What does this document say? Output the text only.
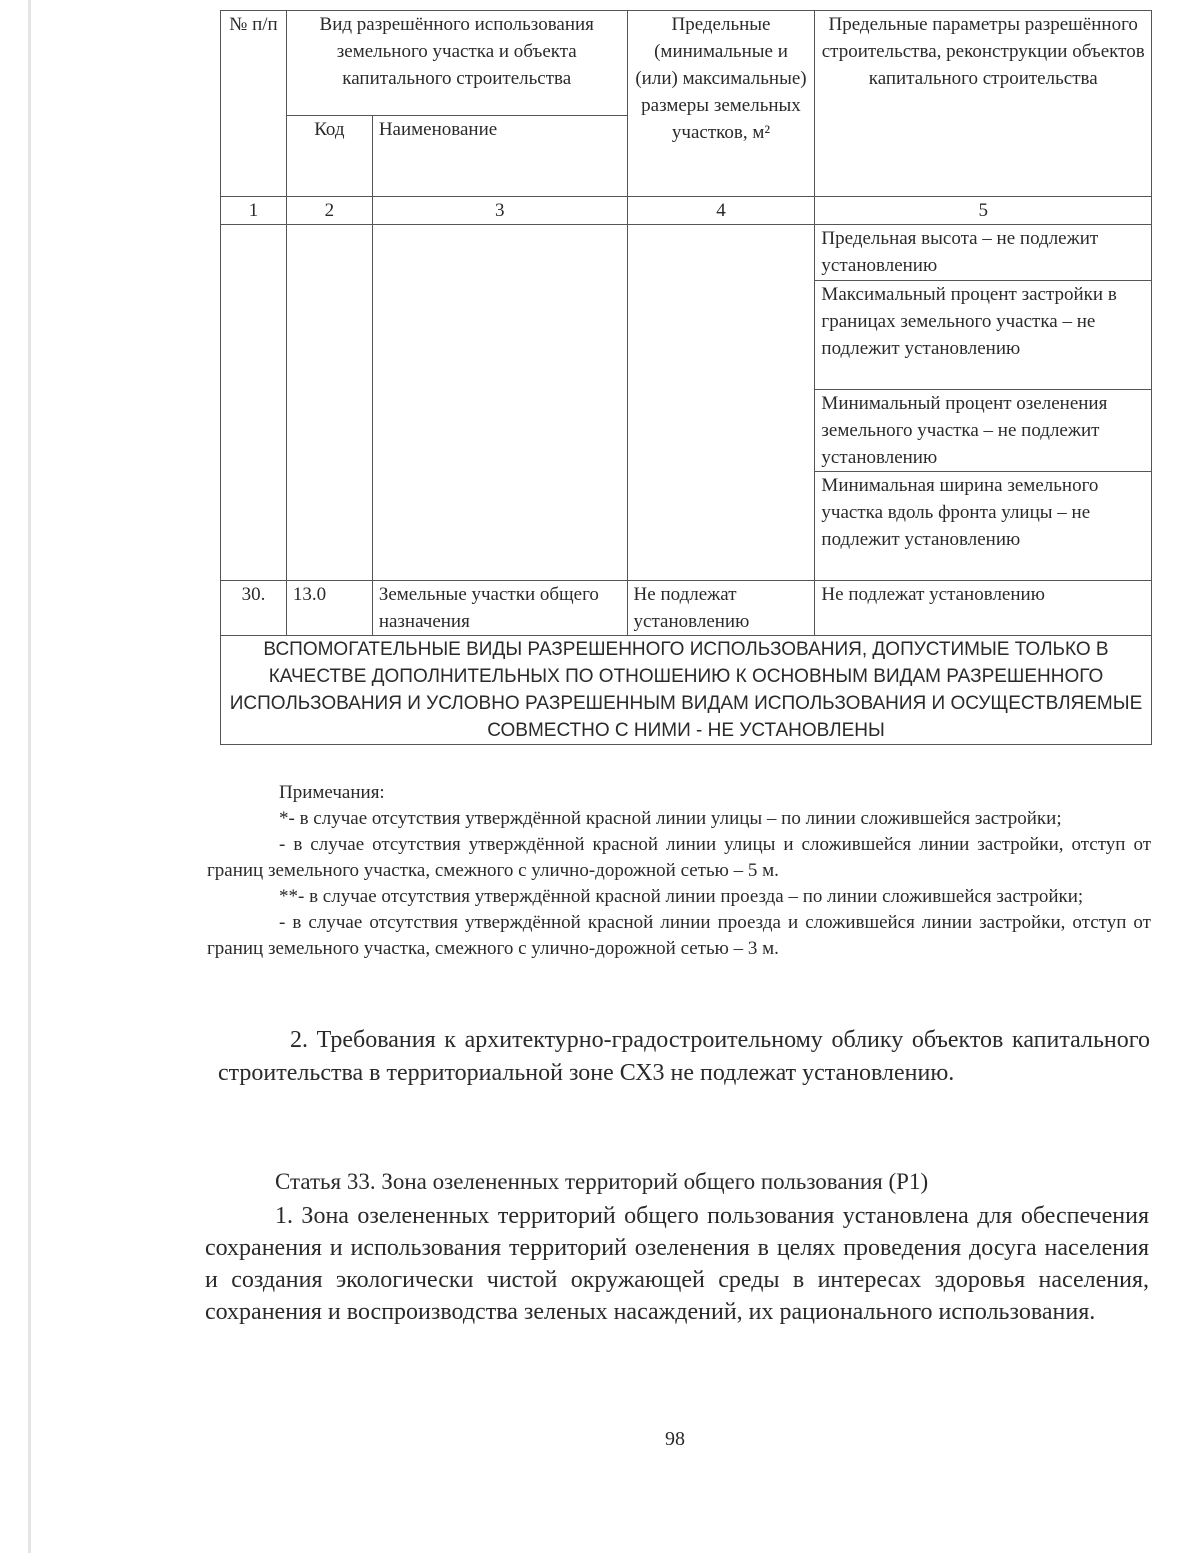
№ п/п	Вид разрешённого использования земельного участка и объекта капитального строительства		Предельные (минимальные и (или) максимальные) размеры земельных участков, м²	Предельные параметры разрешённого строительства, реконструкции объектов капитального строительства
	Код	Наименование		
1	2	3	4	5
				Предельная высота – не подлежит установлению
				Максимальный процент застройки в границах земельного участка – не подлежит установлению
				Минимальный процент озеленения земельного участка – не подлежит установлению
				Минимальная ширина земельного участка вдоль фронта улицы – не подлежит установлению
30.	13.0	Земельные участки общего назначения	Не подлежат установлению	Не подлежат установлению
ВСПОМОГАТЕЛЬНЫЕ ВИДЫ РАЗРЕШЕННОГО ИСПОЛЬЗОВАНИЯ, ДОПУСТИМЫЕ ТОЛЬКО В КАЧЕСТВЕ ДОПОЛНИТЕЛЬНЫХ ПО ОТНОШЕНИЮ К ОСНОВНЫМ ВИДАМ РАЗРЕШЕННОГО ИСПОЛЬЗОВАНИЯ И УСЛОВНО РАЗРЕШЕННЫМ ВИДАМ ИСПОЛЬЗОВАНИЯ И ОСУЩЕСТВЛЯЕМЫЕ СОВМЕСТНО С НИМИ - НЕ УСТАНОВЛЕНЫ				

Примечания:

*- в случае отсутствия утверждённой красной линии улицы – по линии сложившейся застройки;

- в случае отсутствия утверждённой красной линии улицы и сложившейся линии застройки, отступ от границ земельного участка, смежного с улично-дорожной сетью – 5 м.

**- в случае отсутствия утверждённой красной линии проезда – по линии сложившейся застройки;

- в случае отсутствия утверждённой красной линии проезда и сложившейся линии застройки, отступ от границ земельного участка, смежного с улично-дорожной сетью – 3 м.

2. Требования к архитектурно-градостроительному облику объектов капитального строительства в территориальной зоне СХ3 не подлежат установлению.

Статья 33. Зона озелененных территорий общего пользования (Р1)

1. Зона озелененных территорий общего пользования установлена для обеспечения сохранения и использования территорий озеленения в целях проведения досуга населения и создания экологически чистой окружающей среды в интересах здоровья населения, сохранения и воспроизводства зеленых насаждений, их рационального использования.

98
